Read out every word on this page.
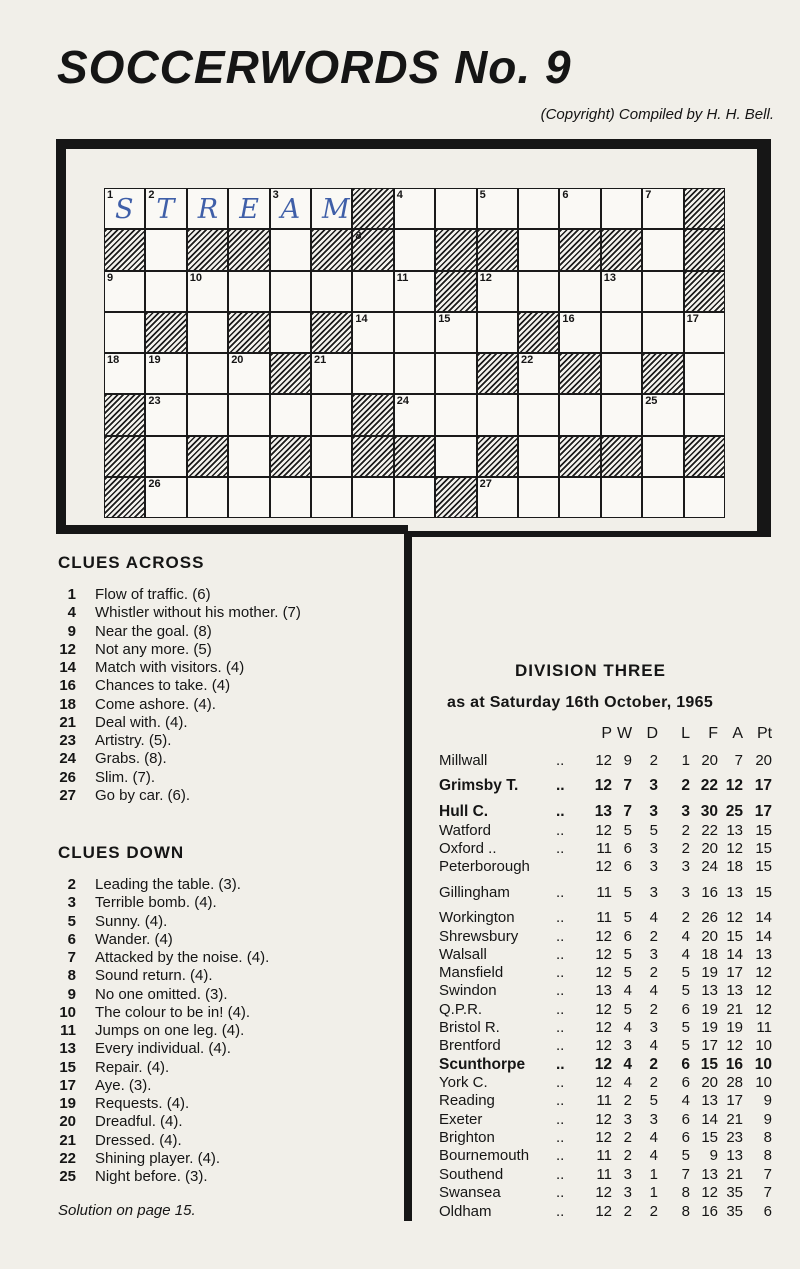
SOCCERWORDS No. 9
(Copyright) Compiled by H. H. Bell.
1 S 2 T R E 3 A M	4	5	6	7
8
9	10	11	12	13
14	15	16	17
18	19	20	21	22
23	24	25
26	27
CLUES ACROSS
1 Flow of traffic. (6)
4 Whistler without his mother. (7)
9 Near the goal. (8)
12 Not any more. (5)
14 Match with visitors. (4)
16 Chances to take. (4)
18 Come ashore. (4).
21 Deal with. (4).
23 Artistry. (5).
24 Grabs. (8).
26 Slim. (7).
27 Go by car. (6).
CLUES DOWN
2 Leading the table. (3).
3 Terrible bomb. (4).
5 Sunny. (4).
6 Wander. (4)
7 Attacked by the noise. (4).
8 Sound return. (4).
9 No one omitted. (3).
10 The colour to be in! (4).
11 Jumps on one leg. (4).
13 Every individual. (4).
15 Repair. (4).
17 Aye. (3).
19 Requests. (4).
20 Dreadful. (4).
21 Dressed. (4).
22 Shining player. (4).
25 Night before. (3).
Solution on page 15.
DIVISION THREE
as at Saturday 16th October, 1965
P W D	L	F A Pt
Millwall	..	12 9	2	1 20	7 20
Grimsby T. ..	12 7	3	2 22 12 17
Hull C.	..	13 7	3	3 30 25 17
Watford	..	12 5	5	2 22 13 15
Oxford ..	..	11 6	3	2 20 12 15
Peterborough	12 6	3	3 24 18 15
Gillingham	..	11 5	3	3 16 13 15
Workington	..	11 5	4	2 26 12 14
Shrewsbury	..	12 6	2	4 20 15 14
Walsall	..	12 5	3	4 18 14 13
Mansfield	..	12 5	2	5 19 17 12
Swindon	..	13 4	4	5 13 13 12
Q.P.R.	..	12 5	2	6 19 21 12
Bristol R.	..	12 4	3	5 19 19 11
Brentford	..	12 3	4	5 17 12 10
Scunthorpe ..	12 4	2	6 15 16 10
York C.	..	12 4	2	6 20 28 10
Reading	..	11 2	5	4 13 17	9
Exeter	..	12 3	3	6 14 21	9
Brighton	..	12 2	4	6 15 23	8
Bournemouth ..	11 2	4	5	9 13	8
Southend	..	11 3	1	7 13 21	7
Swansea	..	12 3	1	8 12 35	7
Oldham	..	12 2	2	8 16 35	6
